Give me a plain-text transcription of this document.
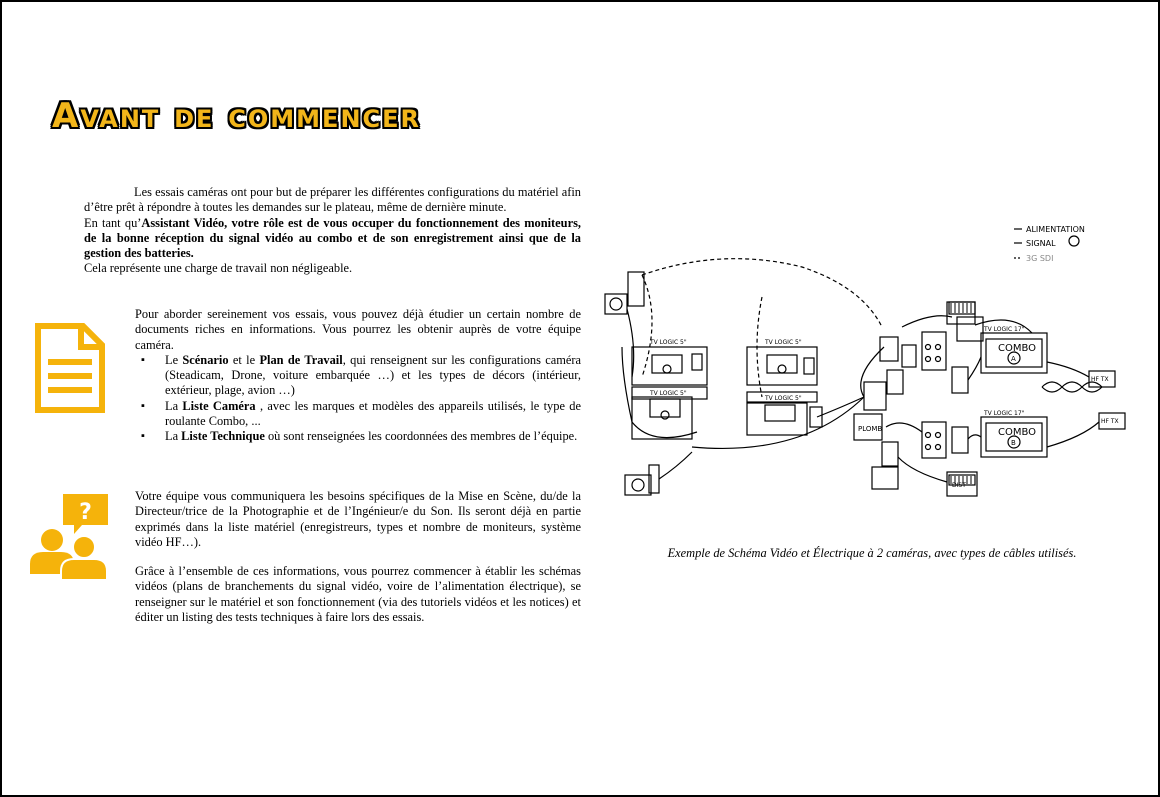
Avant de commencer

Les essais caméras ont pour but de préparer les différentes configurations du matériel afin d’être prêt à répondre à toutes les demandes sur le plateau, même de dernière minute.

En tant qu’Assistant Vidéo, votre rôle est de vous occuper du fonctionnement des moniteurs, de la bonne réception du signal vidéo au combo et de son enregistrement ainsi que de la gestion des batteries.

Cela représente une charge de travail non négligeable.

Pour aborder sereinement vos essais, vous pouvez déjà étudier un certain nombre de documents riches en informations. Vous pourrez les obtenir auprès de votre équipe caméra.

▪ Le Scénario et le Plan de Travail, qui renseignent sur les configurations caméra (Steadicam, Drone, voiture embarquée …) et les types de décors (intérieur, extérieur, plage, avion …)
▪ La Liste Caméra , avec les marques et modèles des appareils utilisés, le type de roulante Combo, ...
▪ La Liste Technique où sont renseignées les coordonnées des membres de l’équipe.
?

Votre équipe vous communiquera les besoins spécifiques de la Mise en Scène, du/de la Directeur/trice de la Photographie et de l’Ingénieur/e du Son. Ils seront déjà en partie exprimés dans la liste matériel (enregistreurs, types et nombre de moniteurs, système vidéo HF…).

Grâce à l’ensemble de ces informations, vous pourrez commencer à établir les schémas vidéos (plans de branchements du signal vidéo, voire de l’alimentation électrique), se renseigner sur le matériel et son fonctionnement (via des tutoriels vidéos et les notices) et éditer un listing des tests techniques à faire lors des essais.

ALIMENTATION
SIGNAL
3G SDI
COMBO
COMBO
A
B
TV LOGIC 17"
TV LOGIC 17"
TV LOGIC 5"
TV LOGIC 5"
TV LOGIC 5"
TV LOGIC 5"
PLOMB
DIST
HF TX
HF TX
Exemple de Schéma Vidéo et Électrique à 2 caméras, avec types de câbles utilisés.
